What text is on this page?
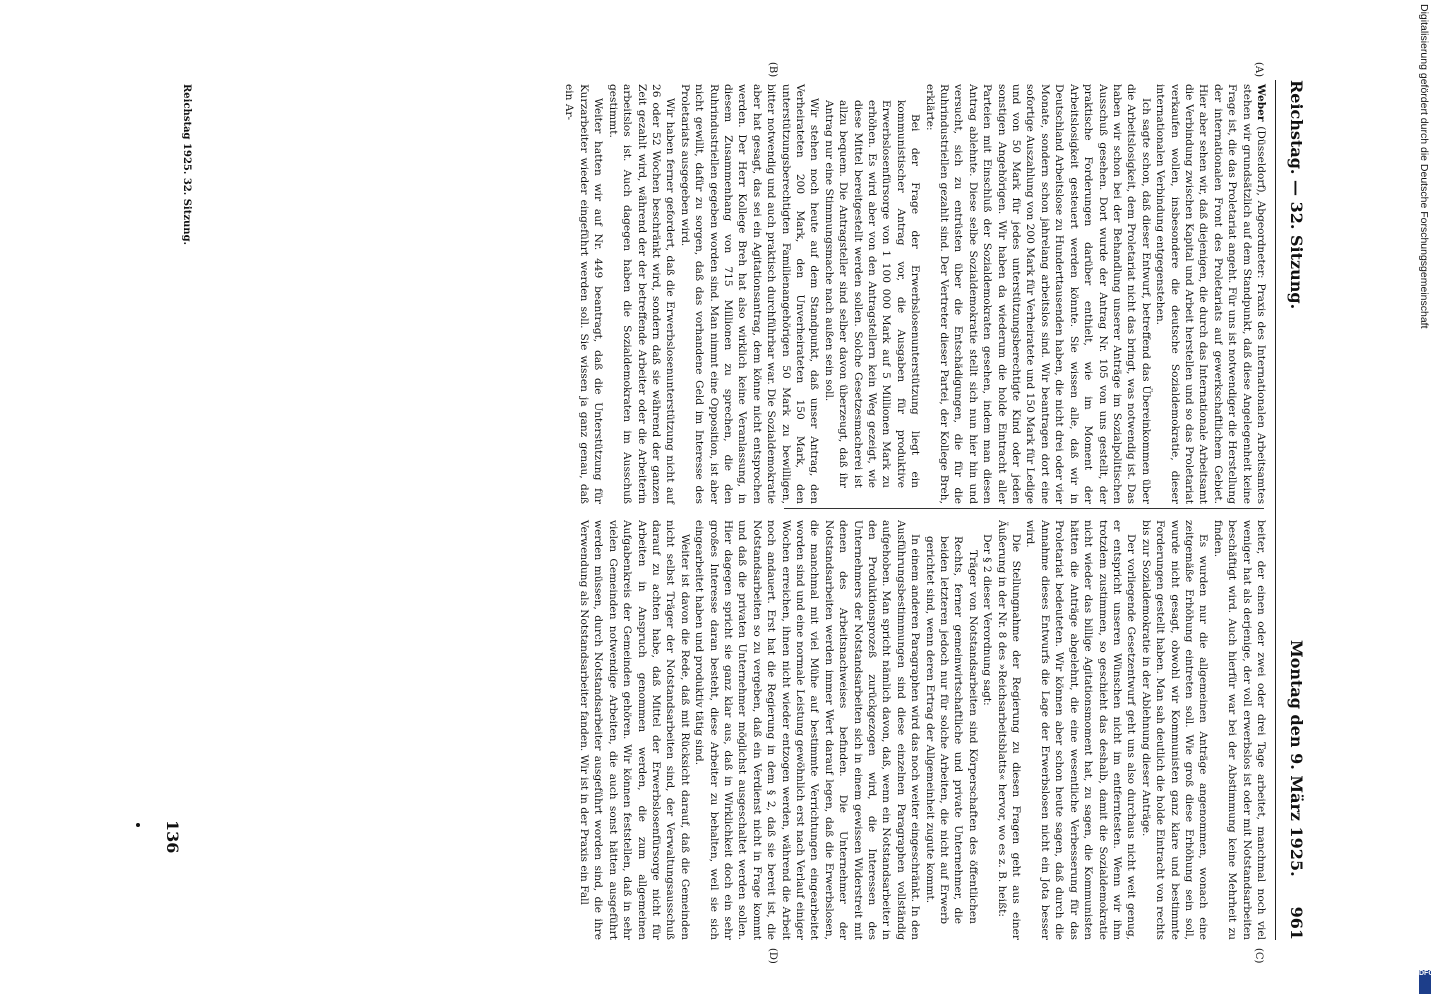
Reichstag. — 32. Sitzung.
Montag den 9. März 1925.
961
(A)
(B)
(C)
(D)

Weber (Düsseldorf), Abgeordneter: Praxis des Internationalen Arbeitsamtes stehen wir grundsätzlich auf dem Standpunkt, daß diese Angelegenheit keine Frage ist, die das Proletariat angeht. Für uns ist notwendiger die Herstellung der internationalen Front des Proletariats auf gewerkschaftlichem Gebiet. Hier aber sehen wir, daß diejenigen, die durch das Internationale Arbeitsamt die Verbindung zwischen Kapital und Arbeit herstellen und so das Proletariat verkaufen wollen, insbesondere die deutsche Sozialdemokratie, dieser internationalen Verbindung entgegenstehen.

Ich sagte schon, daß dieser Entwurf, betreffend das Übereinkommen über die Arbeitslosigkeit, dem Proletariat nicht das bringt, was notwendig ist. Das haben wir schon bei der Behandlung unserer Anträge im Sozialpolitischen Ausschuß gesehen. Dort wurde der Antrag Nr. 105 von uns gestellt, der praktische Forderungen darüber enthielt, wie im Moment der Arbeitslosigkeit gesteuert werden könnte. Sie wissen alle, daß wir in Deutschland Arbeitslose zu Hunderttausenden haben, die nicht drei oder vier Monate, sondern schon jahrelang arbeitslos sind. Wir beantragen dort eine sofortige Auszahlung von 200 Mark für Verheiratete und 150 Mark für Ledige und von 50 Mark für jedes unterstützungsberechtigte Kind oder jeden sonstigen Angehörigen. Wir haben da wiederum die holde Eintracht aller Parteien mit Einschluß der Sozialdemokraten gesehen, indem man diesen Antrag ablehnte. Diese selbe Sozialdemokratie stellt sich nun hier hin und versucht, sich zu entrüsten über die Entschädigungen, die für die Ruhrindustriellen gezahlt sind. Der Vertreter dieser Partei, der Kollege Breh, erklärte:

Bei der Frage der Erwerbslosenunterstützung liegt ein kommunistischer Antrag vor, die Ausgaben für produktive Erwerbslosenfürsorge von 1 100 000 Mark auf 5 Millionen Mark zu erhöhen. Es wird aber von den Antragstellern kein Weg gezeigt, wie diese Mittel bereitgestellt werden sollen. Solche Gesetzesmacherei ist allzu bequem. Die Antragsteller sind selber davon überzeugt, daß ihr Antrag nur eine Stimmungsmache nach außen sein soll.

Wir stehen noch heute auf dem Standpunkt, daß unser Antrag, den Verheirateten 200 Mark, den Unverheirateten 150 Mark, den unterstützungsberechtigten Familienangehörigen 50 Mark zu bewilligen, bitter notwendig und auch praktisch durchführbar war. Die Sozialdemokratie aber hat gesagt, das sei ein Agitationsantrag, dem könne nicht entsprochen werden. Der Herr Kollege Breh hat also wirklich keine Veranlassung, in diesem Zusammenhang von 715 Millionen zu sprechen, die den Ruhrindustriellen gegeben worden sind. Man nimmt eine Opposition, ist aber nicht gewillt, dafür zu sorgen, daß das vorhandene Geld im Interesse des Proletariats ausgegeben wird.

Wir haben ferner gefordert, daß die Erwerbslosenunterstützung nicht auf 26 oder 52 Wochen beschränkt wird, sondern daß sie während der ganzen Zeit gezahlt wird, während der der betreffende Arbeiter oder die Arbeiterin arbeitslos ist. Auch dagegen haben die Sozialdemokraten im Ausschuß gestimmt.

Weiter hatten wir auf Nr. 449 beantragt, daß die Unterstützung für Kurzarbeiter wieder eingeführt werden soll. Sie wissen ja ganz genau, daß ein Ar-

beiter, der einen oder zwei oder drei Tage arbeitet, manchmal noch viel weniger hat als derjenige, der voll erwerbslos ist oder mit Notstandsarbeiten beschäftigt wird. Auch hierfür war bei der Abstimmung keine Mehrheit zu finden.

Es wurden nur die allgemeinen Anträge angenommen, wonach eine zeitgemäße Erhöhung eintreten soll. Wie groß diese Erhöhung sein soll, wurde nicht gesagt, obwohl wir Kommunisten ganz klare und bestimmte Forderungen gestellt haben. Man sah deutlich die holde Eintracht von rechts bis zur Sozialdemokratie in der Ablehnung dieser Anträge.

Der vorliegende Gesetzentwurf geht uns also durchaus nicht weit genug, er entspricht unseren Wünschen nicht im entferntesten. Wenn wir ihm trotzdem zustimmen, so geschieht das deshalb, damit die Sozialdemokratie nicht wieder das billige Agitationsmoment hat, zu sagen, die Kommunisten hätten die Anträge abgelehnt, die eine wesentliche Verbesserung für das Proletariat bedeuteten. Wir können aber schon heute sagen, daß durch die Annahme dieses Entwurfs die Lage der Erwerbslosen nicht ein Jota besser wird.

Die Stellungnahme der Regierung zu diesen Fragen geht aus einer Äußerung in der Nr. 8 des »Reichsarbeitsblatts« hervor, wo es z. B. heißt:

Der § 2 dieser Verordnung sagt:

Träger von Notstandsarbeiten sind Körperschaften des öffentlichen Rechts, ferner gemeinwirtschaftliche und private Unternehmer, die beiden letzteren jedoch nur für solche Arbeiten, die nicht auf Erwerb gerichtet sind, wenn deren Ertrag der Allgemeinheit zugute kommt.

In einem anderen Paragraphen wird das noch weiter eingeschränkt. In den Ausführungsbestimmungen sind diese einzelnen Paragraphen vollständig aufgehoben. Man spricht nämlich davon, daß, wenn ein Notstandsarbeiter in den Produktionsprozeß zurückgezogen wird, die Interessen des Unternehmers der Notstandsarbeiten sich in einem gewissen Widerstreit mit denen des Arbeitsnachweises befinden. Die Unternehmer der Notstandsarbeiten werden immer Wert darauf legen, daß die Erwerbslosen, die manchmal mit viel Mühe auf bestimmte Verrichtungen eingearbeitet worden sind und eine normale Leistung gewöhnlich erst nach Verlauf einiger Wochen erreichen, ihnen nicht wieder entzogen werden, während die Arbeit noch andauert. Erst hat die Regierung in dem § 2, daß sie bereit ist, die Notstandsarbeiten so zu vergeben, daß ein Verdienst nicht in Frage kommt und daß die privaten Unternehmer möglichst ausgeschaltet werden sollen. Hier dagegen spricht sie ganz klar aus, daß in Wirklichkeit doch ein sehr großes Interesse daran besteht, diese Arbeiter zu behalten, weil sie sich eingearbeitet haben und produktiv tätig sind.

Weiter ist davon die Rede, daß mit Rücksicht darauf, daß die Gemeinden nicht selbst Träger der Notstandsarbeiten sind, der Verwaltungsausschuß darauf zu achten habe, daß Mittel der Erwerbslosenfürsorge nicht für Arbeiten in Anspruch genommen werden, die zum allgemeinen Aufgabenkreis der Gemeinden gehören. Wir können feststellen, daß in sehr vielen Gemeinden notwendige Arbeiten, die auch sonst hätten ausgeführt werden müssen, durch Notstandsarbeiter ausgeführt worden sind, die ihre Verwendung als Notstandsarbeiter fanden. Wir ist in der Praxis ein Fall

Reichstag 1925. 32. Sitzung.
136
Digitalisierung gefördert durch die Deutsche Forschungsgemeinschaft
DFG
